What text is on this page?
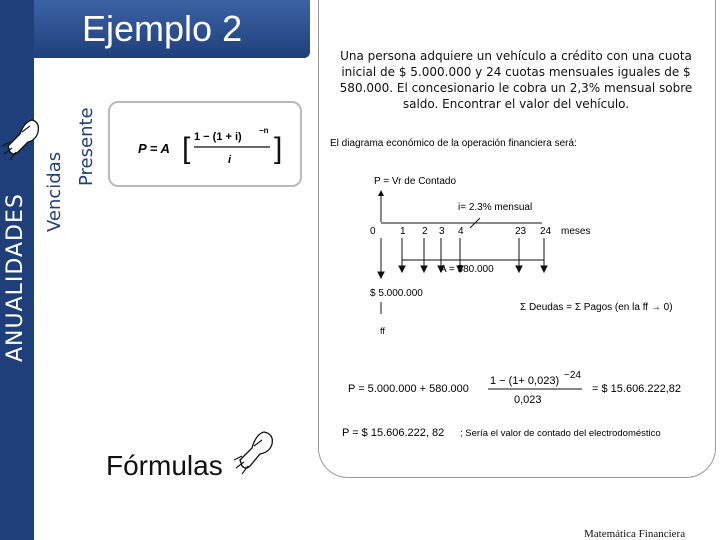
Ejemplo 2
ANUALIDADES
Vencidas
Presente	P = A [ 1 − (1 + i)
−n
i ]
Una persona adquiere un vehículo a crédito con una cuota inicial de $ 5.000.000 y 24 cuotas mensuales iguales de $ 580.000. El concesionario le cobra un 2,3% mensual sobre saldo. Encontrar el valor del vehículo.
El diagrama económico de la operación financiera será:
P = Vr de Contado
i= 2.3% mensual
0 1 2 3 4	23 24 meses
A = 580.000
$ 5.000.000
ff
Σ Deudas = Σ Pagos (en la ff → 0)
P = 5.000.000 + 580.000
1 − (1+ 0,023) −24
0,023
= $ 15.606.222,82
P = $ 15.606.222, 82 ; Sería el valor de contado del electrodoméstico
Fórmulas
Matemática Financiera
